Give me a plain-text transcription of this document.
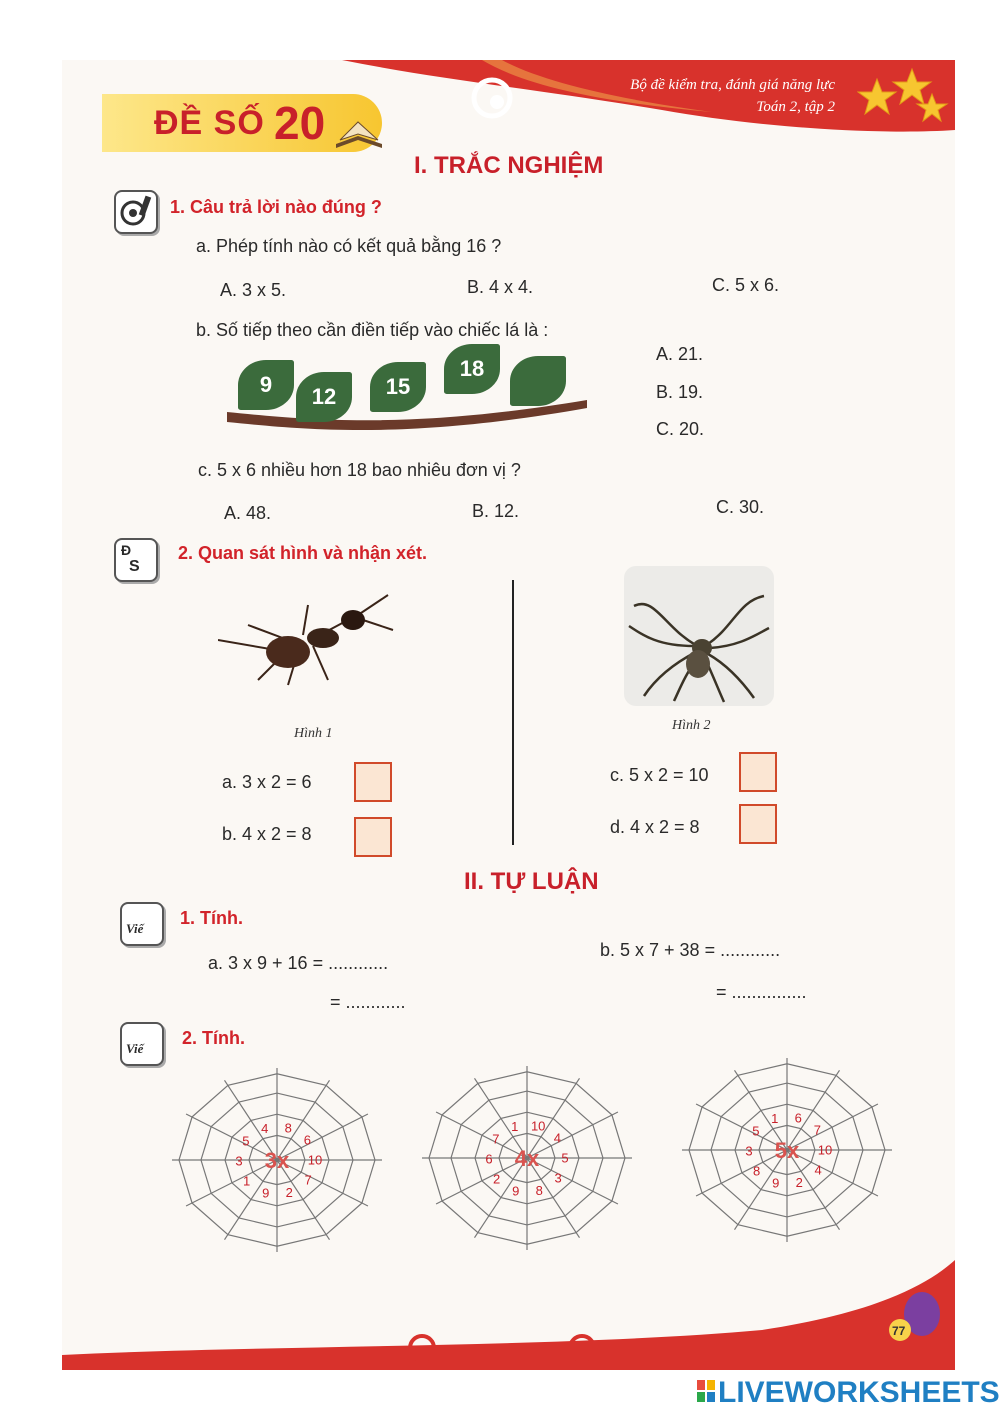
Bộ đề kiểm tra, đánh giá năng lực
Toán 2, tập 2
ĐỀ SỐ 20
I. TRẮC NGHIỆM
1. Câu trả lời nào đúng ?
a. Phép tính nào có kết quả bằng 16 ?
A. 3 x 5.	B. 4 x 4.	C. 5 x 6.
b. Số tiếp theo cần điền tiếp vào chiếc lá là :
9	12	15
18
A. 21.
B. 19.
C. 20.
c. 5 x 6 nhiều hơn 18 bao nhiêu đơn vị ?
A. 48.	B. 12.	C. 30.
Đ
S
2. Quan sát hình và nhận xét.
Hình 1
Hình 2
a. 3 x 2 = 6
b. 4 x 2 = 8
c. 5 x 2 = 10
d. 4 x 2 = 8
II. TỰ LUẬN
Viế
1. Tính.
a. 3 x 9 + 16 = ............
= ............
b. 5 x 7 + 38 = ............
= ...............
Viế
2. Tính.
3x
8
6
10
7
2
9
1
3
5
4
4x
10
4
5
3
8
9
2
6
7
1
5x
6
7
10
4
2
9
8
3
5
1
77
LIVEWORKSHEETS
